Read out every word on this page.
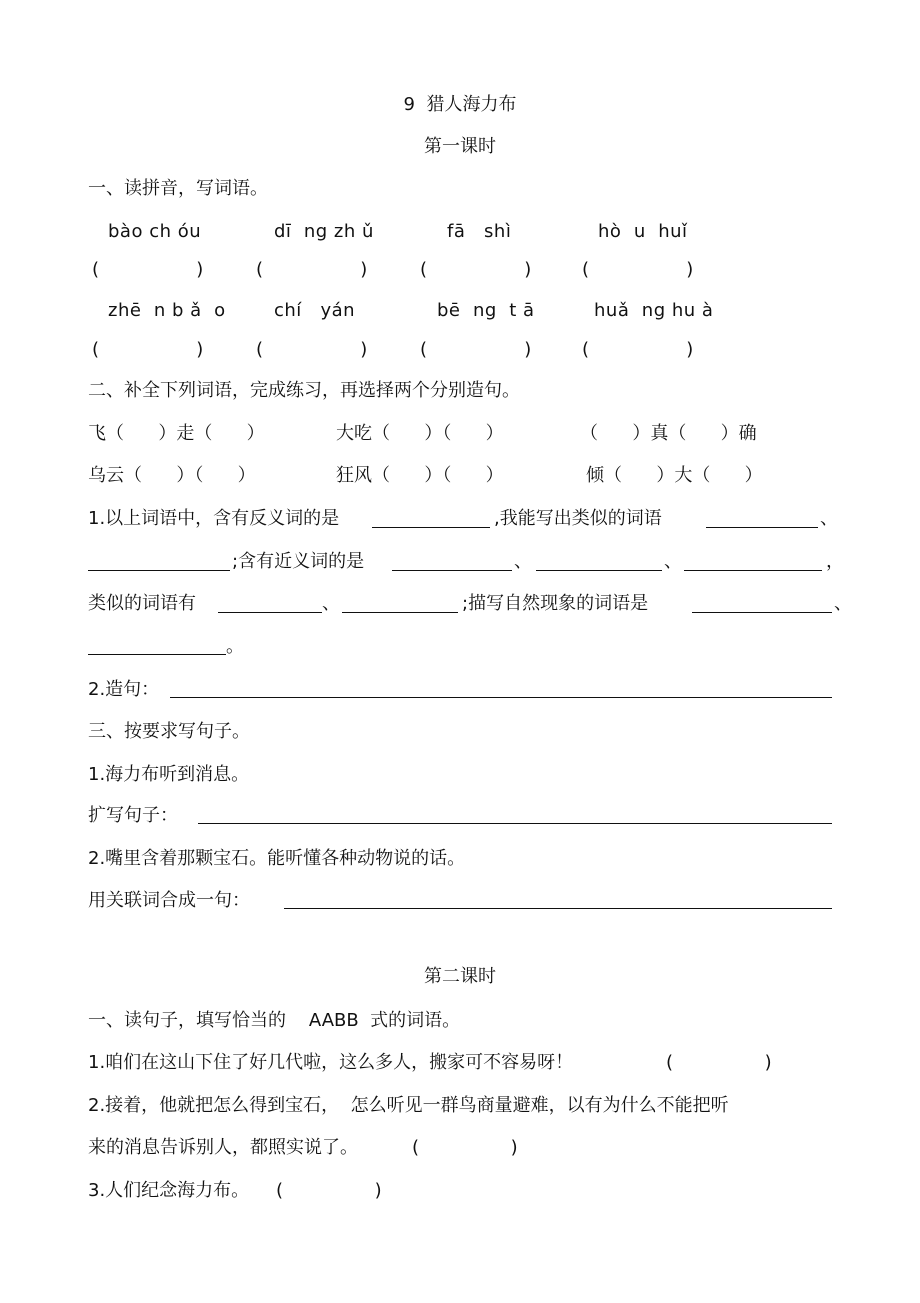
9  猎人海力布
第一课时
一、读拼音，写词语。
bào ch óu	dī  ng zh ǔ	fā   shì	hò  u  huǐ
(                 )	(                 )	(                 )	(                 )
zhē  n b ǎ  o	chí   yán	bē  ng  t ā	huǎ  ng hu à
(                 )	(                 )	(                 )	(                 )
二、补全下列词语，完成练习，再选择两个分别造句。
飞（      ）走（      ）	大吃（      ）（      ）	（      ）真（      ）确
乌云（      ）（      ）	狂风（      ）（      ）	倾（      ）大（      ）
1.以上词语中，含有反义词的是	,我能写出类似的词语	、
;含有近义词的是	、	、	，
类似的词语有	、	;描写自然现象的词语是	、
。
2.造句：
三、按要求写句子。
1.海力布听到消息。
扩写句子：
2.嘴里含着那颗宝石。能听懂各种动物说的话。
用关联词合成一句：
第二课时
一、读句子，填写恰当的    AABB  式的词语。
1.咱们在这山下住了好几代啦，这么多人，搬家可不容易呀！	(                )
2.接着，他就把怎么得到宝石，  怎么听见一群鸟商量避难，以有为什么不能把听
来的消息告诉别人，都照实说了。	(                )
3.人们纪念海力布。 (                )
